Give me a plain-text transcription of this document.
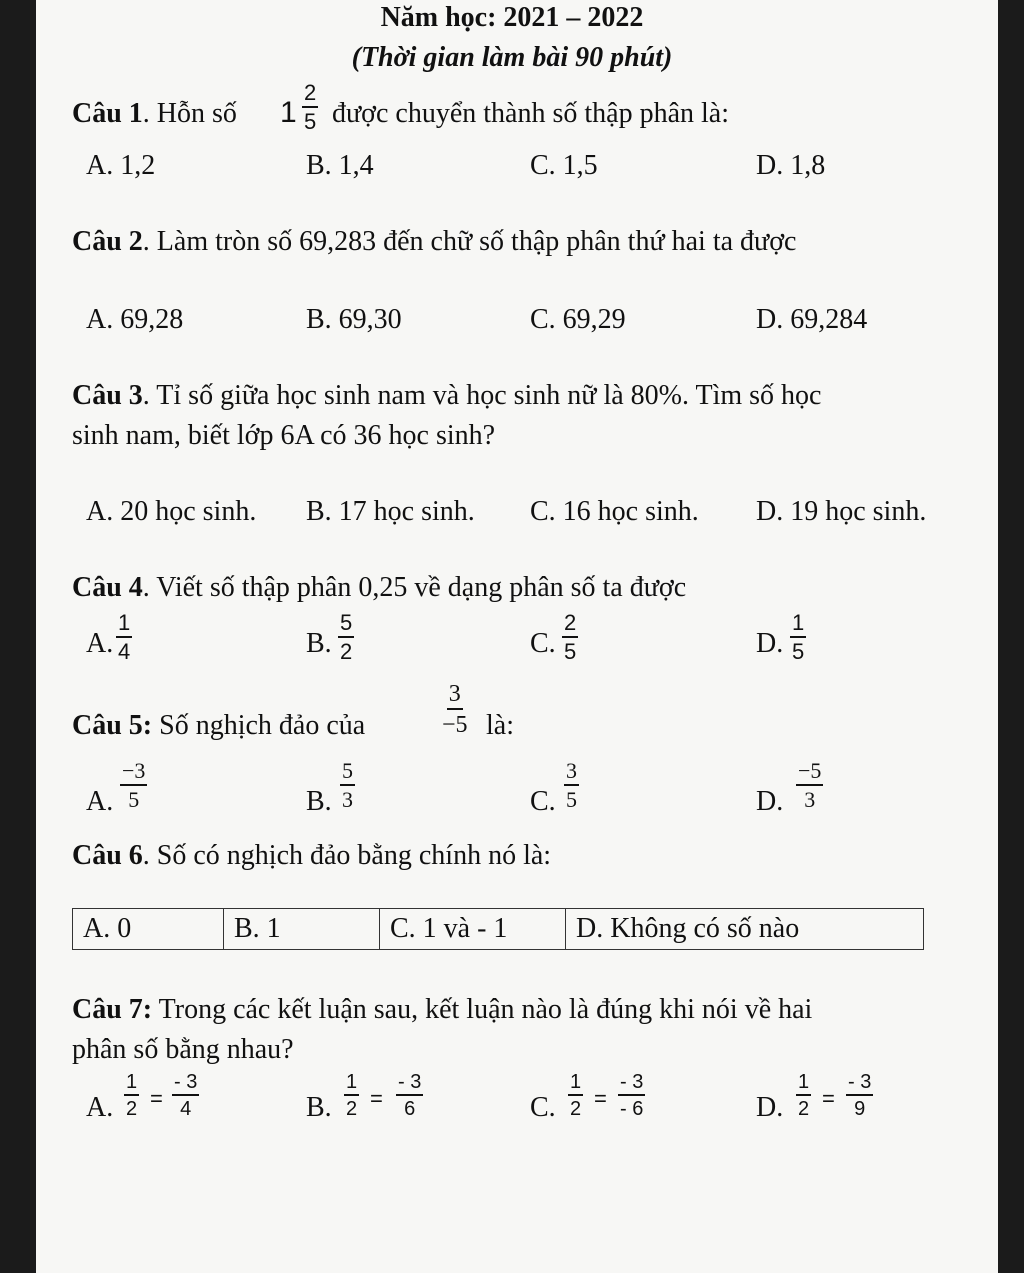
Năm học: 2021 – 2022
(Thời gian làm bài 90 phút)
Câu 1. Hỗn số $1 \frac{2}{5}$ được chuyển thành số thập phân là:
A. 1,2	B. 1,4	C. 1,5	D. 1,8
Câu 2. Làm tròn số 69,283 đến chữ số thập phân thứ hai ta được
A. 69,28	B. 69,30	C. 69,29	D. 69,284
Câu 3. Tỉ số giữa học sinh nam và học sinh nữ là 80%. Tìm số học
sinh nam, biết lớp 6A có 36 học sinh?
A. 20 học sinh. B. 17 học sinh. C. 16 học sinh. D. 19 học sinh.
Câu 4. Viết số thập phân 0,25 về dạng phân số ta được
A. $\frac{1}{4}$	B. $\frac{5}{2}$	C. $\frac{2}{5}$	D. $\frac{1}{5}$
Câu 5: Số nghịch đảo của	$\frac{3}{-5}$ là:
A. $\frac{-3}{5}$	B. $\frac{5}{3}$	C. $\frac{3}{5}$	D. $\frac{-5}{3}$
Câu 6. Số có nghịch đảo bằng chính nó là:
A. 0	B. 1	C. 1 và - 1	D. Không có số nào
Câu 7: Trong các kết luận sau, kết luận nào là đúng khi nói về hai
phân số bằng nhau?
A. $\frac{1}{2} = \frac{- 3}{4}$	B. $\frac{1}{2} = \frac{- 3}{6}$	C. $\frac{1}{2} = \frac{- 3}{- 6}$	D. $\frac{1}{2} = \frac{- 3}{9}$
